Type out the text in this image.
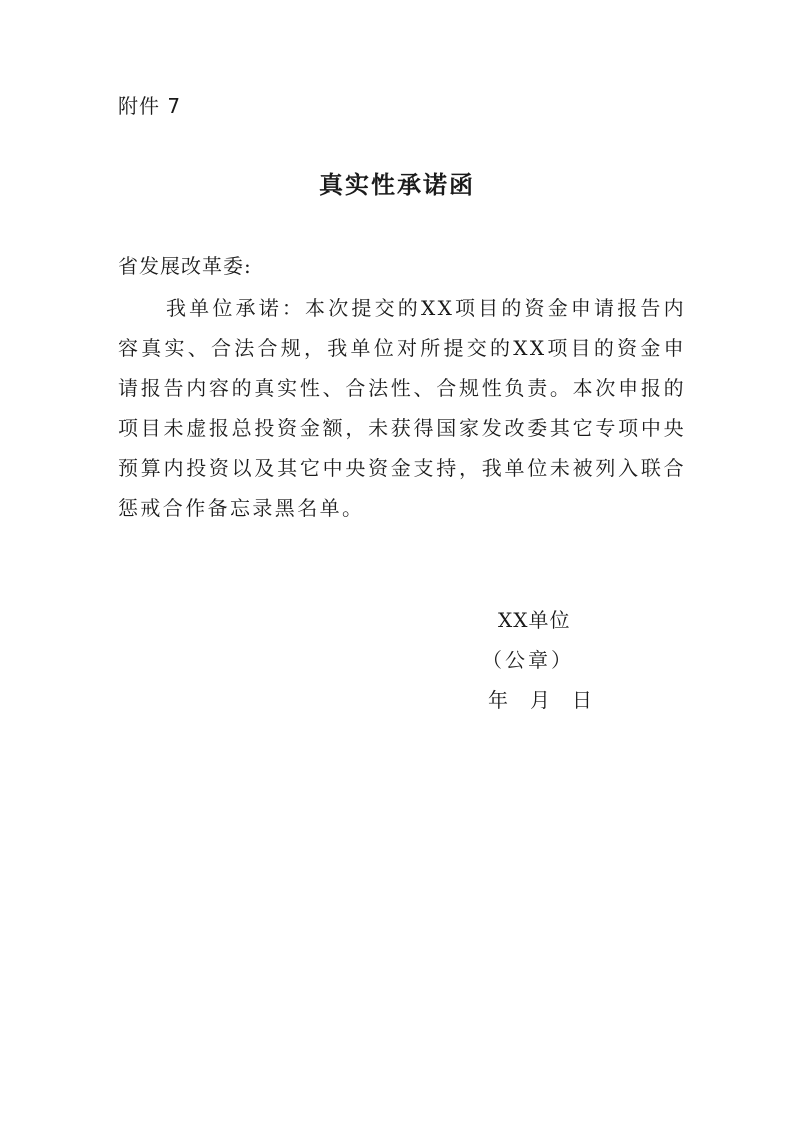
附件 7
真实性承诺函
省发展改革委:

我单位承诺：本次提交的XX项目的资金申请报告内容真实、合法合规，我单位对所提交的XX项目的资金申请报告内容的真实性、合法性、合规性负责。本次申报的项目未虚报总投资金额，未获得国家发改委其它专项中央预算内投资以及其它中央资金支持，我单位未被列入联合惩戒合作备忘录黑名单。

XX单位
（公章）
年 月 日
